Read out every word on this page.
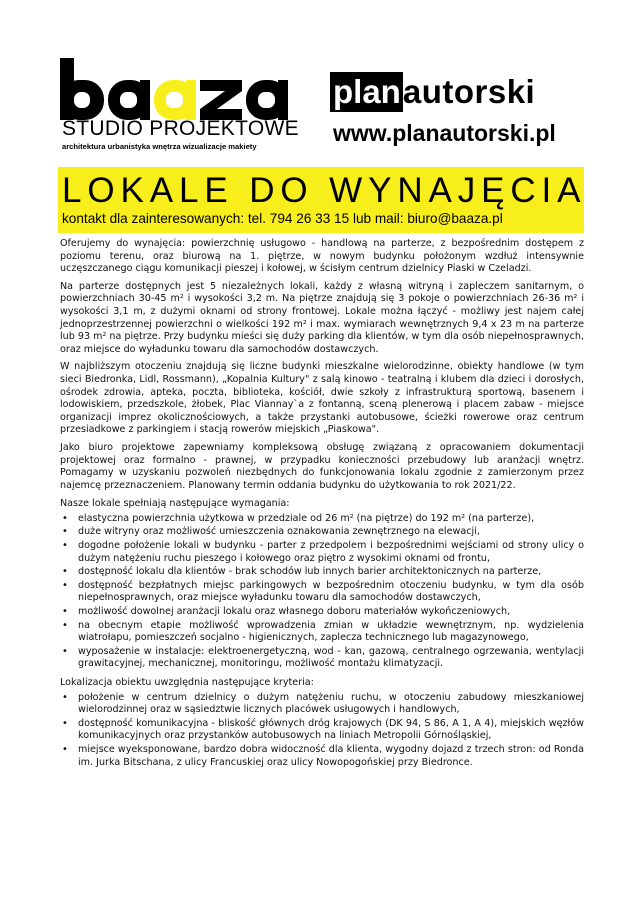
STUDIO PROJEKTOWE
architektura urbanistyka wnętrza wizualizacje makiety
planautorski
www.planautorski.pl
LOKALE DO WYNAJĘCIA
kontakt dla zainteresowanych: tel. 794 26 33 15 lub mail: biuro@baaza.pl

Oferujemy do wynajęcia: powierzchnię usługowo - handlową na parterze, z bezpośrednim dostępem z poziomu terenu, oraz biurową na 1. piętrze, w nowym budynku położonym wzdłuż intensywnie uczęszczanego ciągu komunikacji pieszej i kołowej, w ścisłym centrum dzielnicy Piaski w Czeladzi.

Na parterze dostępnych jest 5 niezależnych lokali, każdy z własną witryną i zapleczem sanitarnym, o powierzchniach 30-45 m² i wysokości 3,2 m. Na piętrze znajdują się 3 pokoje o powierzchniach 26-36 m² i wysokości 3,1 m, z dużymi oknami od strony frontowej. Lokale można łączyć - możliwy jest najem całej jednoprzestrzennej powierzchni o wielkości 192 m² i max. wymiarach wewnętrznych 9,4 x 23 m na parterze lub 93 m² na piętrze. Przy budynku mieści się duży parking dla klientów, w tym dla osób niepełnosprawnych, oraz miejsce do wyładunku towaru dla samochodów dostawczych.

W najbliższym otoczeniu znajdują się liczne budynki mieszkalne wielorodzinne, obiekty handlowe (w tym sieci Biedronka, Lidl, Rossmann), „Kopalnia Kultury" z salą kinowo - teatralną i klubem dla dzieci i dorosłych, ośrodek zdrowia, apteka, poczta, biblioteka, kościół, dwie szkoły z infrastrukturą sportową, basenem i lodowiskiem, przedszkole, żłobek, Plac Viannay`a z fontanną, sceną plenerową i placem zabaw - miejsce organizacji imprez okolicznościowych, a także przystanki autobusowe, ścieżki rowerowe oraz centrum przesiadkowe z parkingiem i stacją rowerów miejskich „Piaskowa".

Jako biuro projektowe zapewniamy kompleksową obsługę związaną z opracowaniem dokumentacji projektowej oraz formalno - prawnej, w przypadku konieczności przebudowy lub aranżacji wnętrz. Pomagamy w uzyskaniu pozwoleń niezbędnych do funkcjonowania lokalu zgodnie z zamierzonym przez najemcę przeznaczeniem. Planowany termin oddania budynku do użytkowania to rok 2021/22.

Nasze lokale spełniają następujące wymagania:

• elastyczna powierzchnia użytkowa w przedziale od 26 m² (na piętrze) do 192 m² (na parterze),
• duże witryny oraz możliwość umieszczenia oznakowania zewnętrznego na elewacji,
• dogodne położenie lokali w budynku - parter z przedpolem i bezpośrednimi wejściami od strony ulicy o dużym natężeniu ruchu pieszego i kołowego oraz piętro z wysokimi oknami od frontu,
• dostępność lokalu dla klientów - brak schodów lub innych barier architektonicznych na parterze,
• dostępność bezpłatnych miejsc parkingowych w bezpośrednim otoczeniu budynku, w tym dla osób niepełnosprawnych, oraz miejsce wyładunku towaru dla samochodów dostawczych,
• możliwość dowolnej aranżacji lokalu oraz własnego doboru materiałów wykończeniowych,
• na obecnym etapie możliwość wprowadzenia zmian w układzie wewnętrznym, np. wydzielenia wiatrołapu, pomieszczeń socjalno - higienicznych, zaplecza technicznego lub magazynowego,
• wyposażenie w instalacje: elektroenergetyczną, wod - kan, gazową, centralnego ogrzewania, wentylacji grawitacyjnej, mechanicznej, monitoringu, możliwość montażu klimatyzacji.

Lokalizacja obiektu uwzględnia następujące kryteria:

• położenie w centrum dzielnicy o dużym natężeniu ruchu, w otoczeniu zabudowy mieszkaniowej wielorodzinnej oraz w sąsiedztwie licznych placówek usługowych i handlowych,
• dostępność komunikacyjna - bliskość głównych dróg krajowych (DK 94, S 86, A 1, A 4), miejskich węzłów komunikacyjnych oraz przystanków autobusowych na liniach Metropolii Górnośląskiej,
• miejsce wyeksponowane, bardzo dobra widoczność dla klienta, wygodny dojazd z trzech stron: od Ronda im. Jurka Bitschana, z ulicy Francuskiej oraz ulicy Nowopogońskiej przy Biedronce.
